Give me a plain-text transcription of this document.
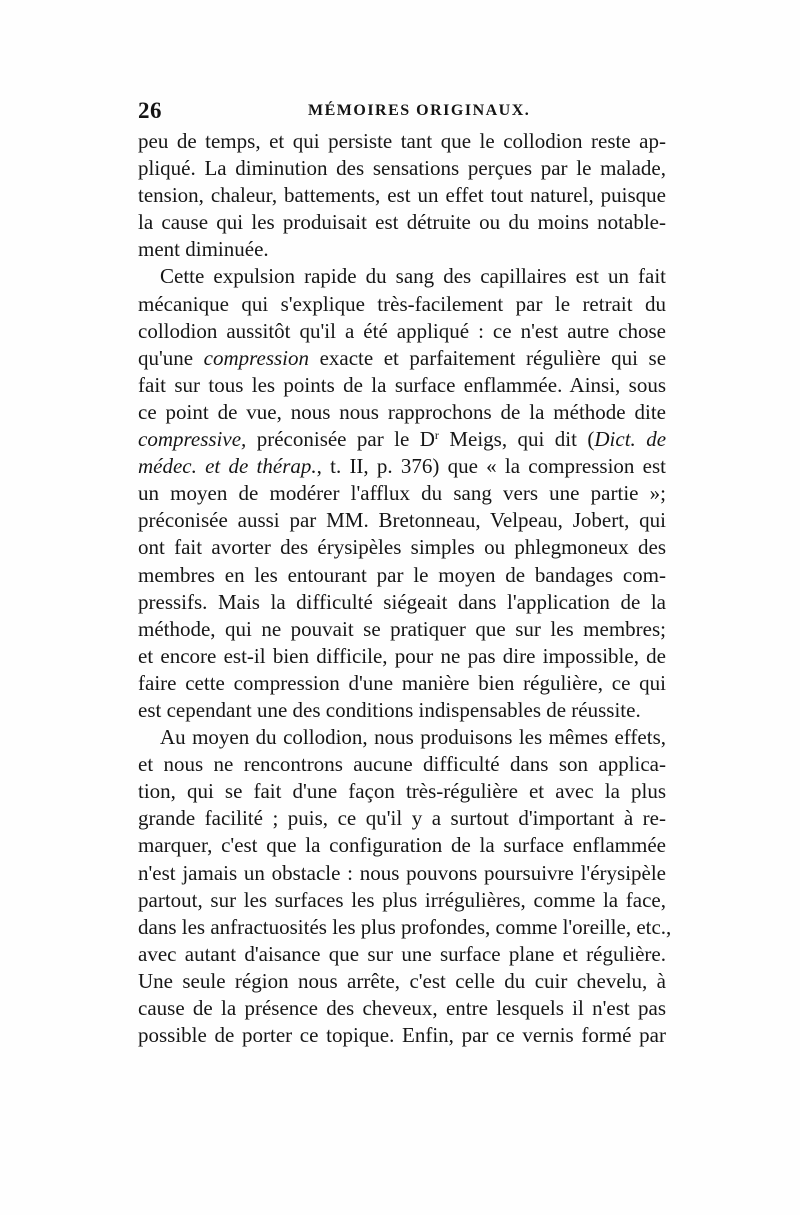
26	MÉMOIRES ORIGINAUX.
peu de temps, et qui persiste tant que le collodion reste ap-
pliqué. La diminution des sensations perçues par le malade,
tension, chaleur, battements, est un effet tout naturel, puisque
la cause qui les produisait est détruite ou du moins notable-
ment diminuée.
Cette expulsion rapide du sang des capillaires est un fait
mécanique qui s'explique très-facilement par le retrait du
collodion aussitôt qu'il a été appliqué : ce n'est autre chose
qu'une compression exacte et parfaitement régulière qui se
fait sur tous les points de la surface enflammée. Ainsi, sous
ce point de vue, nous nous rapprochons de la méthode dite
compressive, préconisée par le $D^r$ Meigs, qui dit (Dict. de
médec. et de thérap., t. II, p. 376) que « la compression est
un moyen de modérer l'afflux du sang vers une partie »;
préconisée aussi par MM. Bretonneau, Velpeau, Jobert, qui
ont fait avorter des érysipèles simples ou phlegmoneux des
membres en les entourant par le moyen de bandages com-
pressifs. Mais la difficulté siégeait dans l'application de la
méthode, qui ne pouvait se pratiquer que sur les membres;
et encore est-il bien difficile, pour ne pas dire impossible, de
faire cette compression d'une manière bien régulière, ce qui
est cependant une des conditions indispensables de réussite.
Au moyen du collodion, nous produisons les mêmes effets,
et nous ne rencontrons aucune difficulté dans son applica-
tion, qui se fait d'une façon très-régulière et avec la plus
grande facilité ; puis, ce qu'il y a surtout d'important à re-
marquer, c'est que la configuration de la surface enflammée
n'est jamais un obstacle : nous pouvons poursuivre l'érysipèle
partout, sur les surfaces les plus irrégulières, comme la face,
dans les anfractuosités les plus profondes, comme l'oreille, etc.,
avec autant d'aisance que sur une surface plane et régulière.
Une seule région nous arrête, c'est celle du cuir chevelu, à
cause de la présence des cheveux, entre lesquels il n'est pas
possible de porter ce topique. Enfin, par ce vernis formé par
